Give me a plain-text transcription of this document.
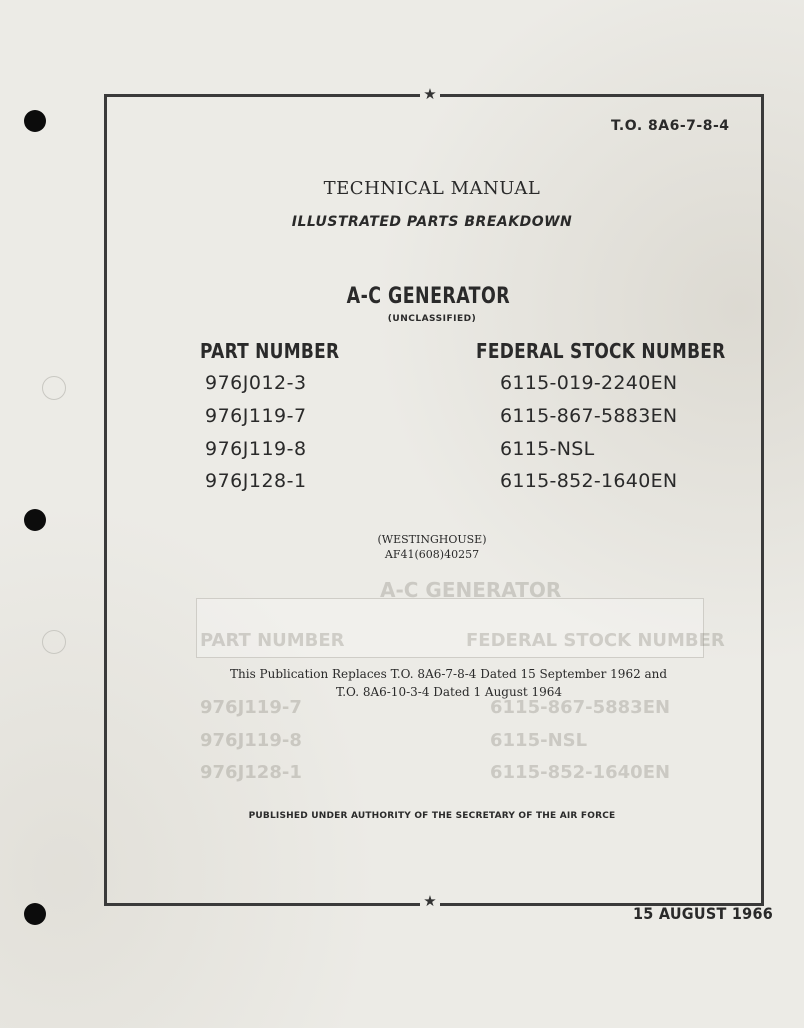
★
★
T.O. 8A6-7-8-4
TECHNICAL MANUAL
ILLUSTRATED PARTS BREAKDOWN
A-C GENERATOR
(UNCLASSIFIED)
PART NUMBER	FEDERAL STOCK NUMBER
976J012-3	6115-019-2240EN
976J119-7	6115-867-5883EN
976J119-8	6115-NSL
976J128-1	6115-852-1640EN
(WESTINGHOUSE)
AF41(608)40257
A-C GENERATOR
PART NUMBER	FEDERAL STOCK NUMBER
976J119-7	6115-867-5883EN
976J119-8	6115-NSL
976J128-1	6115-852-1640EN
This Publication Replaces T.O. 8A6-7-8-4 Dated 15 September 1962 and
T.O. 8A6-10-3-4 Dated 1 August 1964
PUBLISHED UNDER AUTHORITY OF THE SECRETARY OF THE AIR FORCE
15 AUGUST 1966
